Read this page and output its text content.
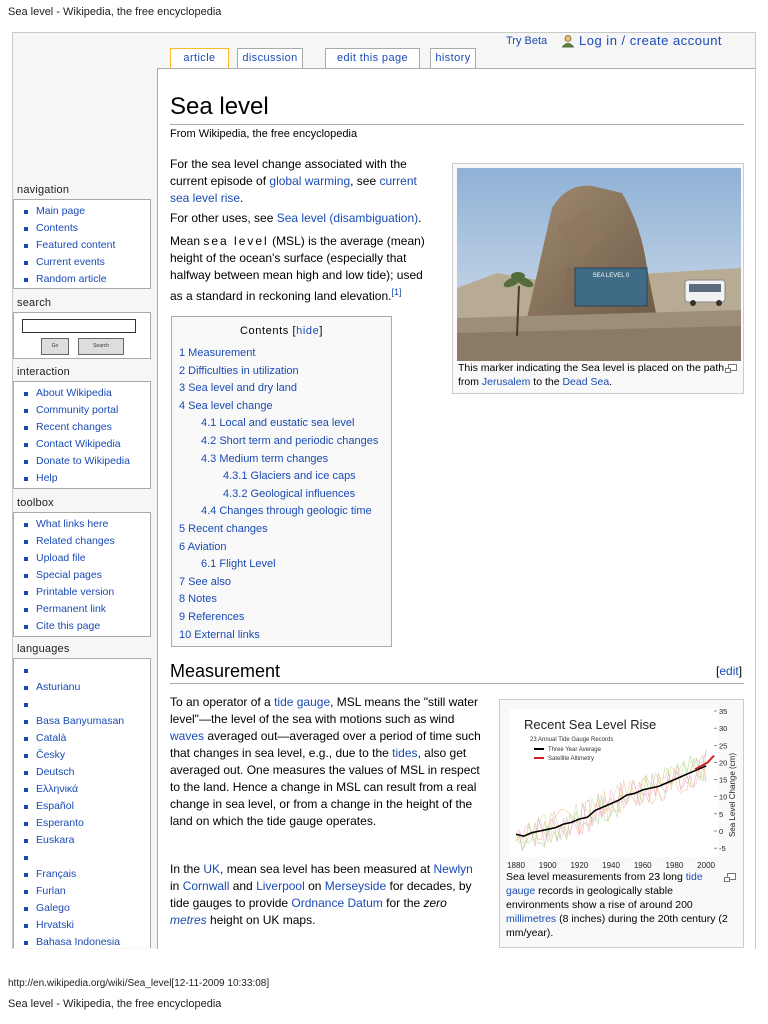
Sea level - Wikipedia, the free encyclopedia
Try Beta Log in / create account
article	discussion	edit this page	history
Sea level
From Wikipedia, the free encyclopedia
For the sea level change associated with the current episode of global warming, see current sea level rise.
For other uses, see Sea level (disambiguation).
Mean sea level (MSL) is the average (mean) height of the ocean's surface (especially that halfway between mean high and low tide); used as a standard in reckoning land elevation.[1]
SEA LEVEL 0
This marker indicating the Sea level is placed on the path from Jerusalem to the Dead Sea.
Contents [hide]
1 Measurement
2 Difficulties in utilization
3 Sea level and dry land
4 Sea level change
4.1 Local and eustatic sea level
4.2 Short term and periodic changes
4.3 Medium term changes
4.3.1 Glaciers and ice caps
4.3.2 Geological influences
4.4 Changes through geologic time
5 Recent changes
6 Aviation
6.1 Flight Level
7 See also
8 Notes
9 References
10 External links
Measurement	[edit]
To an operator of a tide gauge, MSL means the "still water level"—the level of the sea with motions such as wind waves averaged out—averaged over a period of time such that changes in sea level, e.g., due to the tides, also get averaged out. One measures the values of MSL in respect to the land. Hence a change in MSL can result from a real change in sea level, or from a change in the height of the land on which the tide gauge operates.
In the UK, mean sea level has been measured at Newlyn in Cornwall and Liverpool on Merseyside for decades, by tide gauges to provide Ordnance Datum for the zero metres height on UK maps.
1880 1900 1920 1940 1960 1980 2000
35
30
25
20
15
10
5
0
-5
Recent Sea Level Rise
23 Annual Tide Gauge Records
Three Year Average
Satellite Altimetry	Sea Level Change (cm)
Sea level measurements from 23 long tide gauge records in geologically stable environments show a rise of around 200 millimetres (8 inches) during the 20th century (2 mm/year).
navigation
Main page
Contents
Featured content
Current events
Random article
search
Go	Search
interaction
About Wikipedia
Community portal
Recent changes
Contact Wikipedia
Donate to Wikipedia
Help
toolbox
What links here
Related changes
Upload file
Special pages
Printable version
Permanent link
Cite this page
languages
Asturianu
Basa Banyumasan
Català
Česky
Deutsch
Ελληνικά
Español
Esperanto
Euskara
Français
Furlan
Galego
Hrvatski
Bahasa Indonesia
http://en.wikipedia.org/wiki/Sea_level[12-11-2009 10:33:08]
Sea level - Wikipedia, the free encyclopedia
